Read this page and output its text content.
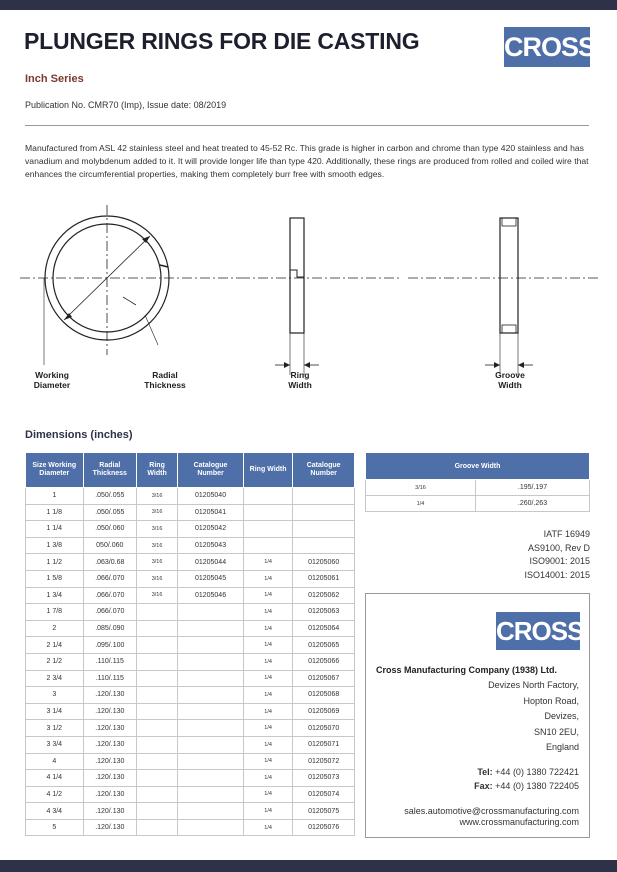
PLUNGER RINGS FOR DIE CASTING	CROSS
Inch Series
Publication No. CMR70 (Imp), Issue date: 08/2019
Manufactured from ASL 42 stainless steel and heat treated to 45-52 Rc. This grade is higher in carbon and chrome than type 420 stainless and has vanadium and molybdenum added to it. It will provide longer life than type 420. Additionally, these rings are produced from rolled and coiled wire that enhances the circumferential properties, making them completely burr free with smooth edges.
Working Diameter
Radial Thickness
Ring Width
Groove Width
Dimensions (inches)
Size Working Diameter	Radial Thickness	Ring Width	Catalogue Number	Ring Width	Catalogue Number
1	.050/.055	3/16	01205040		
1 1/8	.050/.055	3/16	01205041		
1 1/4	.050/.060	3/16	01205042		
1 3/8	050/.060	3/16	01205043		
1 1/2	.063/0.68	3/16	01205044	1/4	01205060
1 5/8	.066/.070	3/16	01205045	1/4	01205061
1 3/4	.066/.070	3/16	01205046	1/4	01205062
1 7/8	.066/.070			1/4	01205063
2	.085/.090			1/4	01205064
2 1/4	.095/.100			1/4	01205065
2 1/2	.110/.115			1/4	01205066
2 3/4	.110/.115			1/4	01205067
3	.120/.130			1/4	01205068
3 1/4	.120/.130			1/4	01205069
3 1/2	.120/.130			1/4	01205070
3 3/4	.120/.130			1/4	01205071
4	.120/.130			1/4	01205072
4 1/4	.120/.130			1/4	01205073
4 1/2	.120/.130			1/4	01205074
4 3/4	.120/.130			1/4	01205075
5	.120/.130			1/4	01205076
Groove Width	
3/16	.195/.197
1/4	.260/.263
IATF 16949
AS9100, Rev D
ISO9001: 2015
ISO14001: 2015
CROSS
Cross Manufacturing Company (1938) Ltd.
Devizes North Factory,
Hopton Road,
Devizes,
SN10 2EU,
England
Tel: +44 (0) 1380 722421
Fax: +44 (0) 1380 722405
sales.automotive@crossmanufacturing.com
www.crossmanufacturing.com
